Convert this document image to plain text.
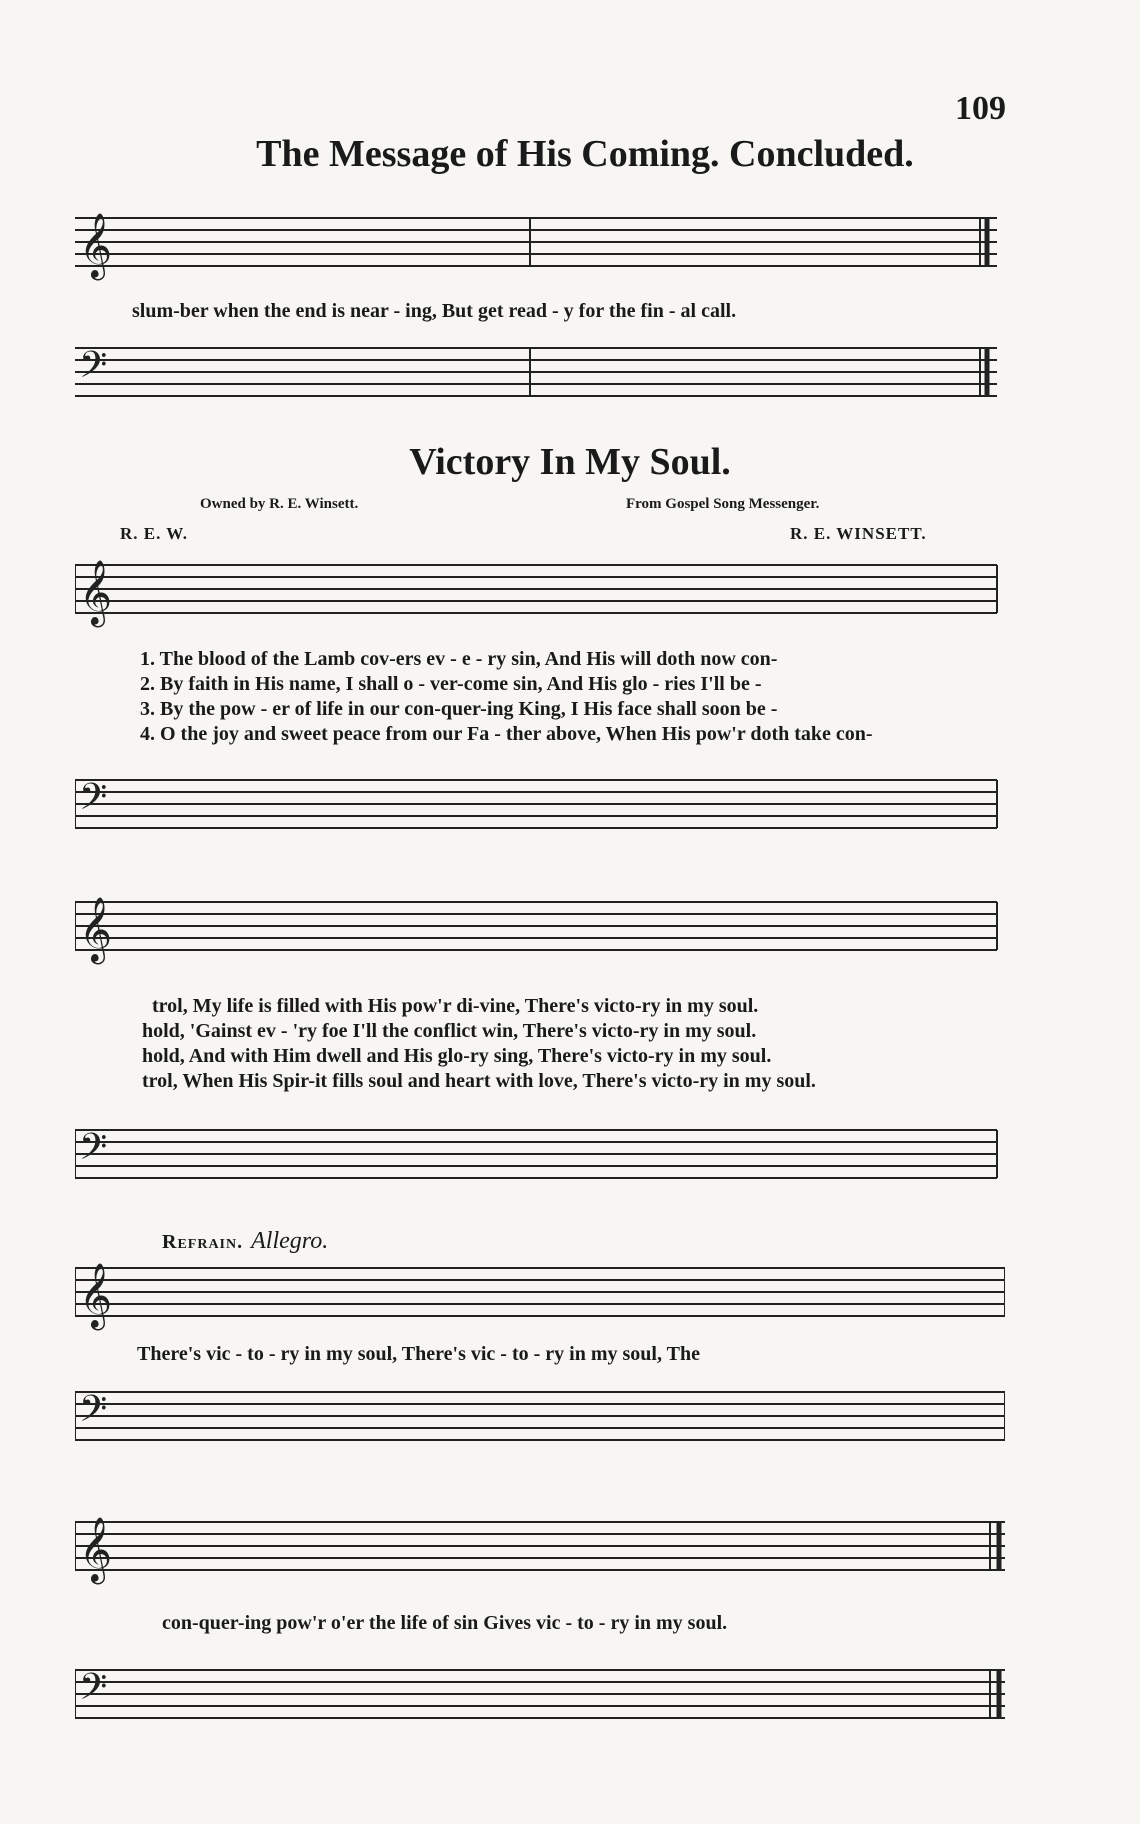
109
The Message of His Coming. Concluded.
𝄞
slum-ber when the end is near - ing, But get read - y for the fin - al call.
𝄢
Victory In My Soul.
Owned by R. E. Winsett.	From Gospel Song Messenger.
R. E. W.	R. E. WINSETT.
𝄞
1. The blood of the Lamb cov-ers ev - e - ry sin, And His will doth now con-
2. By faith in His name, I shall o - ver-come sin, And His glo - ries I'll be -
3. By the pow - er of life in our con-quer-ing King, I His face shall soon be -
4. O the joy and sweet peace from our Fa - ther above, When His pow'r doth take con-
𝄢
𝄞
trol, My life is filled with His pow'r di-vine, There's victo-ry in my soul.
hold, 'Gainst ev - 'ry foe I'll the conflict win, There's victo-ry in my soul.
hold, And with Him dwell and His glo-ry sing, There's victo-ry in my soul.
trol, When His Spir-it fills soul and heart with love, There's victo-ry in my soul.
𝄢
Refrain. Allegro.
𝄞
There's vic - to - ry in my soul, There's vic - to - ry in my soul, The
𝄢
𝄞
con-quer-ing pow'r o'er the life of sin Gives vic - to - ry in my soul.
𝄢
